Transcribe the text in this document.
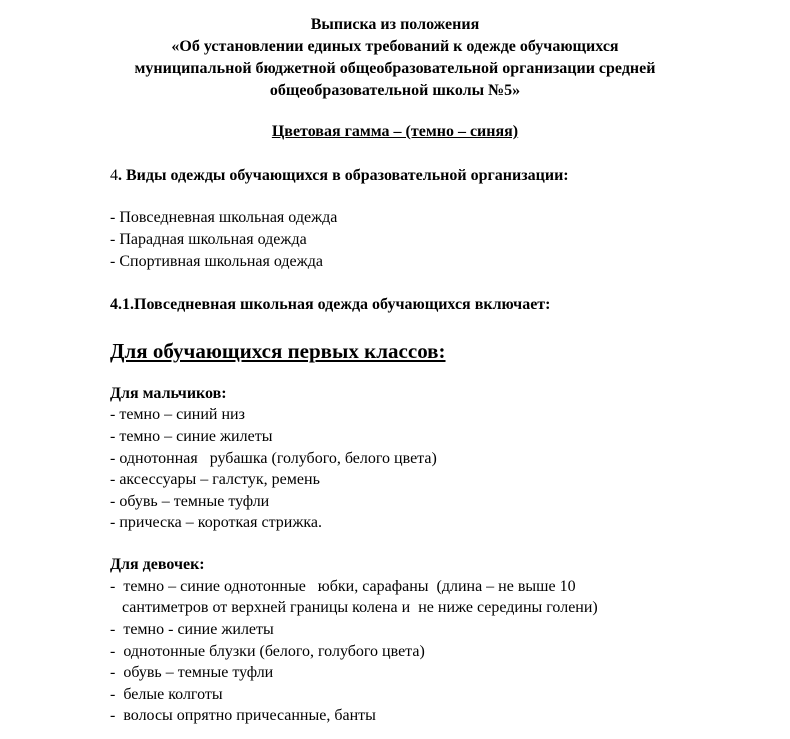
Выписка из положения
«Об установлении единых требований к одежде обучающихся
муниципальной бюджетной общеобразовательной организации средней
общеобразовательной школы №5»
Цветовая гамма – (темно – синяя)
4. Виды одежды обучающихся в образовательной организации:
- Повседневная школьная одежда
- Парадная школьная одежда
- Спортивная школьная одежда
4.1.Повседневная школьная одежда обучающихся включает:
Для обучающихся первых классов:
Для мальчиков:
- темно – синий низ
- темно – синие жилеты
- однотонная   рубашка (голубого, белого цвета)
- аксессуары – галстук, ремень
- обувь – темные туфли
- прическа – короткая стрижка.
Для девочек:
-  темно – синие однотонные   юбки, сарафаны  (длина – не выше 10
сантиметров от верхней границы колена и  не ниже середины голени)
-  темно - синие жилеты
-  однотонные блузки (белого, голубого цвета)
-  обувь – темные туфли
-  белые колготы
-  волосы опрятно причесанные, банты
